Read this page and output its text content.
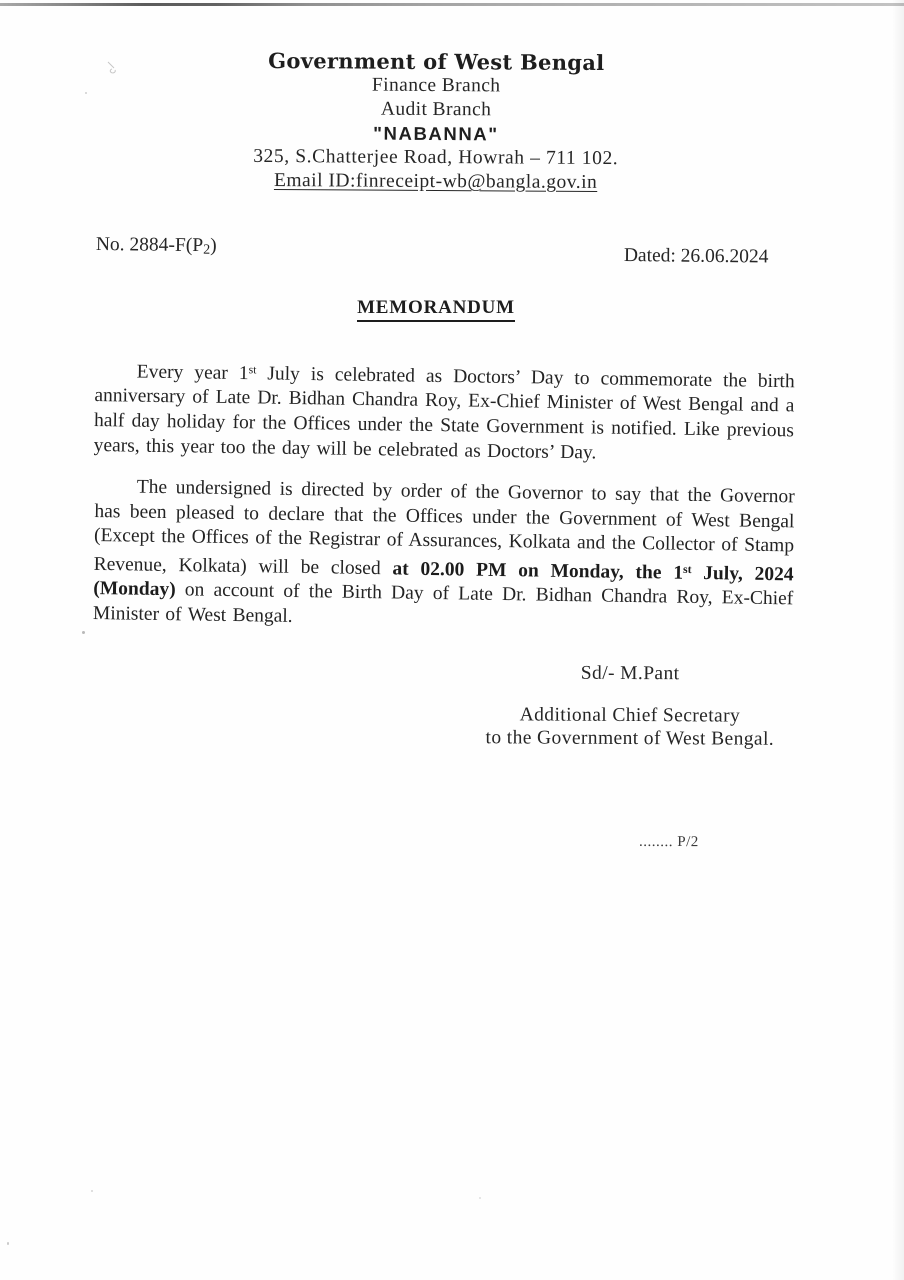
Government of West Bengal
Finance Branch
Audit Branch
"NABANNA"
325, S.Chatterjee Road, Howrah – 711 102.
Email ID:finreceipt-wb@bangla.gov.in
No. $2884-F(P_2)$	Dated: 26.06.2024
MEMORANDUM
Every year 1st July is celebrated as Doctors’ Day to commemorate the birth anniversary of Late Dr. Bidhan Chandra Roy, Ex-Chief Minister of West Bengal and a half day holiday for the Offices under the State Government is notified. Like previous years, this year too the day will be celebrated as Doctors’ Day.
The undersigned is directed by order of the Governor to say that the Governor has been pleased to declare that the Offices under the Government of West Bengal (Except the Offices of the Registrar of Assurances, Kolkata and the Collector of Stamp Revenue, Kolkata) will be closed at 02.00 PM on Monday, the 1st July, 2024 (Monday) on account of the Birth Day of Late Dr. Bidhan Chandra Roy, Ex-Chief Minister of West Bengal.
Sd/- M.Pant
Additional Chief Secretary
to the Government of West Bengal.
........ P/2
